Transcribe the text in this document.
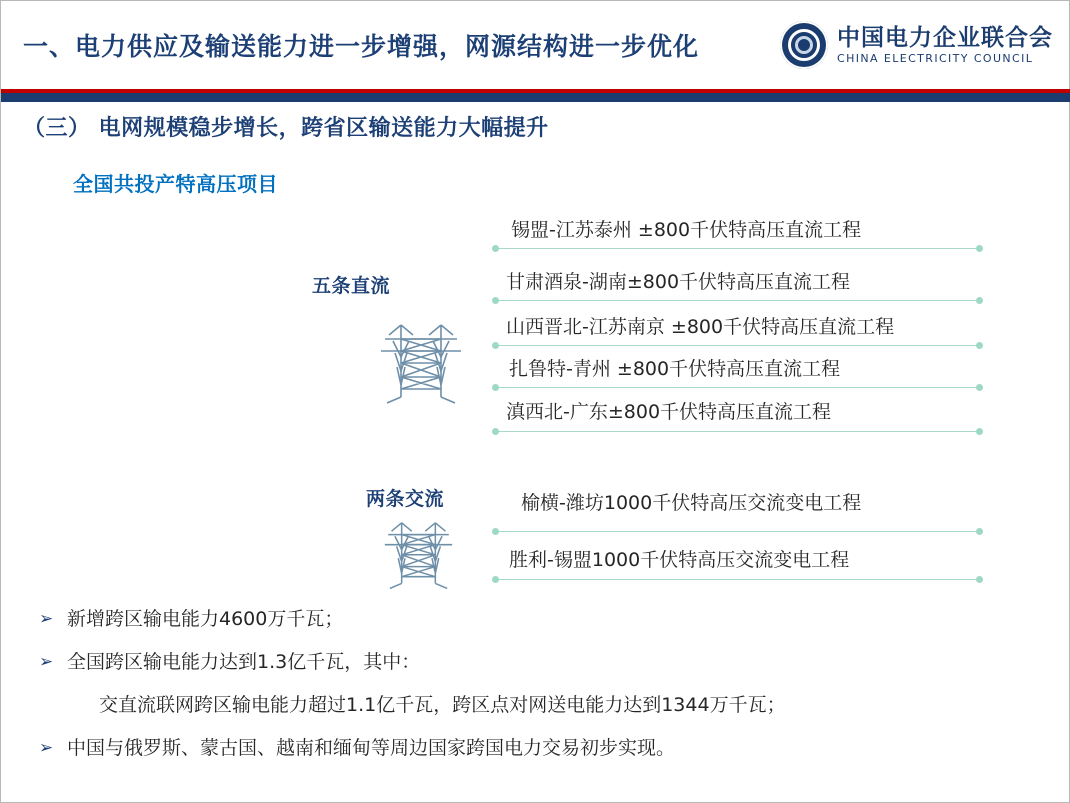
一、电力供应及输送能力进一步增强，网源结构进一步优化	中国电力企业联合会
CHINA ELECTRICITY COUNCIL
（三） 电网规模稳步增长，跨省区输送能力大幅提升
全国共投产特高压项目
五条直流
锡盟-江苏泰州 ±800千伏特高压直流工程
甘肃酒泉-湖南±800千伏特高压直流工程
山西晋北-江苏南京 ±800千伏特高压直流工程
扎鲁特-青州 ±800千伏特高压直流工程
滇西北-广东±800千伏特高压直流工程
两条交流	榆横-潍坊1000千伏特高压交流变电工程
胜利-锡盟1000千伏特高压交流变电工程
➢ 新增跨区输电能力4600万千瓦；
➢ 全国跨区输电能力达到1.3亿千瓦，其中：
交直流联网跨区输电能力超过1.1亿千瓦，跨区点对网送电能力达到1344万千瓦；
➢ 中国与俄罗斯、蒙古国、越南和缅甸等周边国家跨国电力交易初步实现。
